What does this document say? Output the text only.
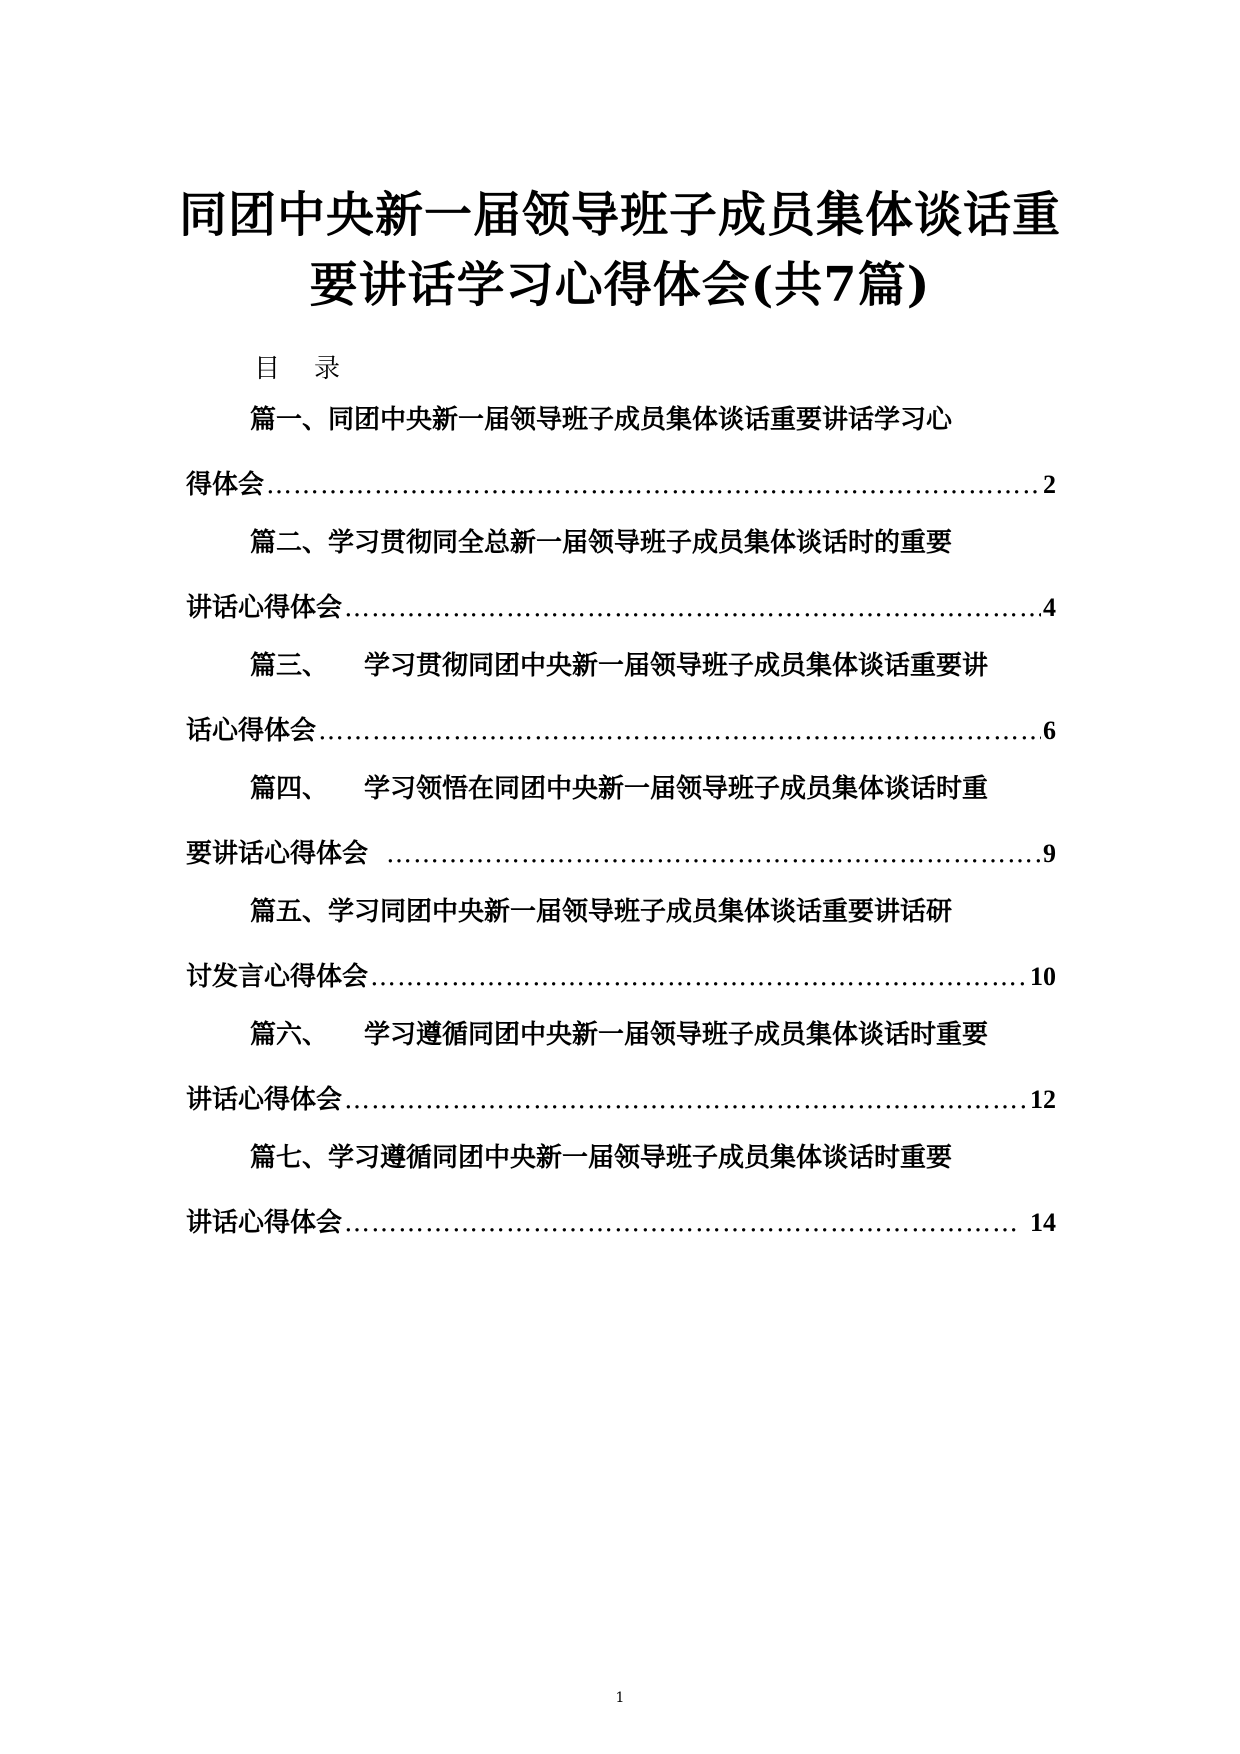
同团中央新一届领导班子成员集体谈话重
要讲话学习心得体会(共7篇)
目 录
篇一、同团中央新一届领导班子成员集体谈话重要讲话学习心
得体会 ………………………………………………………………………………………………………………………………………………………………………	2
篇二、学习贯彻同全总新一届领导班子成员集体谈话时的重要
讲话心得体会 ………………………………………………………………………………………………………………………………………………………………………	4
篇三、 学习贯彻同团中央新一届领导班子成员集体谈话重要讲
话心得体会 ………………………………………………………………………………………………………………………………………………………………………	6
篇四、 学习领悟在同团中央新一届领导班子成员集体谈话时重
要讲话心得体会 ………………………………………………………………………………………………………………………………………………………………………	9
篇五、学习同团中央新一届领导班子成员集体谈话重要讲话研
讨发言心得体会 ………………………………………………………………………………………………………………………………………………………………………	10
篇六、 学习遵循同团中央新一届领导班子成员集体谈话时重要
讲话心得体会 ………………………………………………………………………………………………………………………………………………………………………	12
篇七、学习遵循同团中央新一届领导班子成员集体谈话时重要
讲话心得体会 ………………………………………………………………………………………………………………………………………………………………………	14
1
